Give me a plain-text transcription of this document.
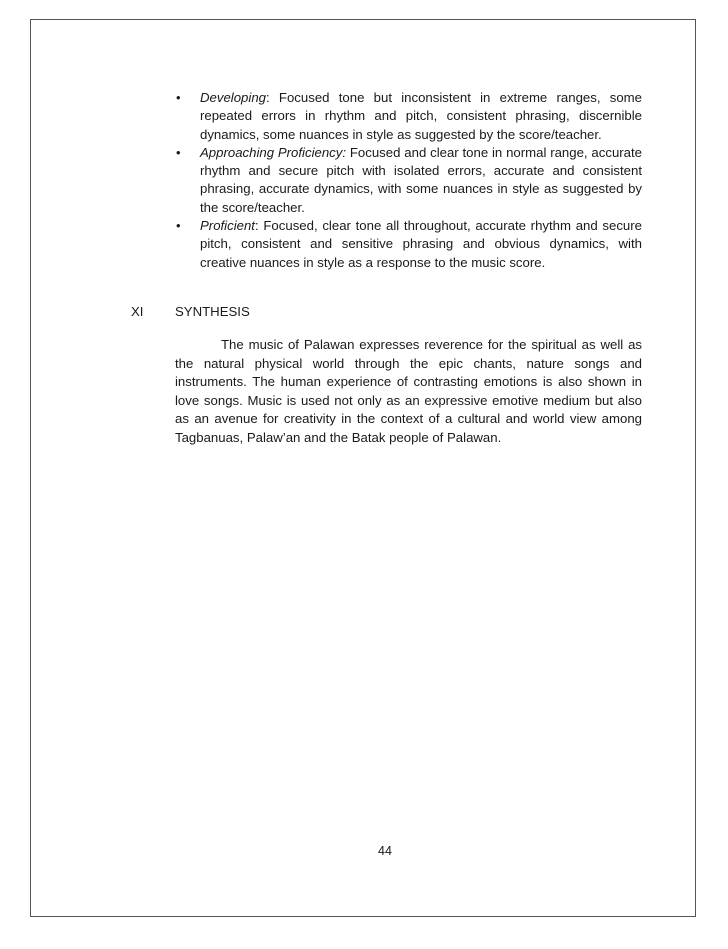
• Developing: Focused tone but inconsistent in extreme ranges, some repeated errors in rhythm and pitch, consistent phrasing, discernible dynamics, some nuances in style as suggested by the score/teacher.
• Approaching Proficiency: Focused and clear tone in normal range, accurate rhythm and secure pitch with isolated errors, accurate and consistent phrasing, accurate dynamics, with some nuances in style as suggested by the score/teacher.
• Proficient: Focused, clear tone all throughout, accurate rhythm and secure pitch, consistent and sensitive phrasing and obvious dynamics, with creative nuances in style as a response to the music score.
XI SYNTHESIS

The music of Palawan expresses reverence for the spiritual as well as the natural physical world through the epic chants, nature songs and instruments. The human experience of contrasting emotions is also shown in love songs. Music is used not only as an expressive emotive medium but also as an avenue for creativity in the context of a cultural and world view among Tagbanuas, Palaw’an and the Batak people of Palawan.

44
